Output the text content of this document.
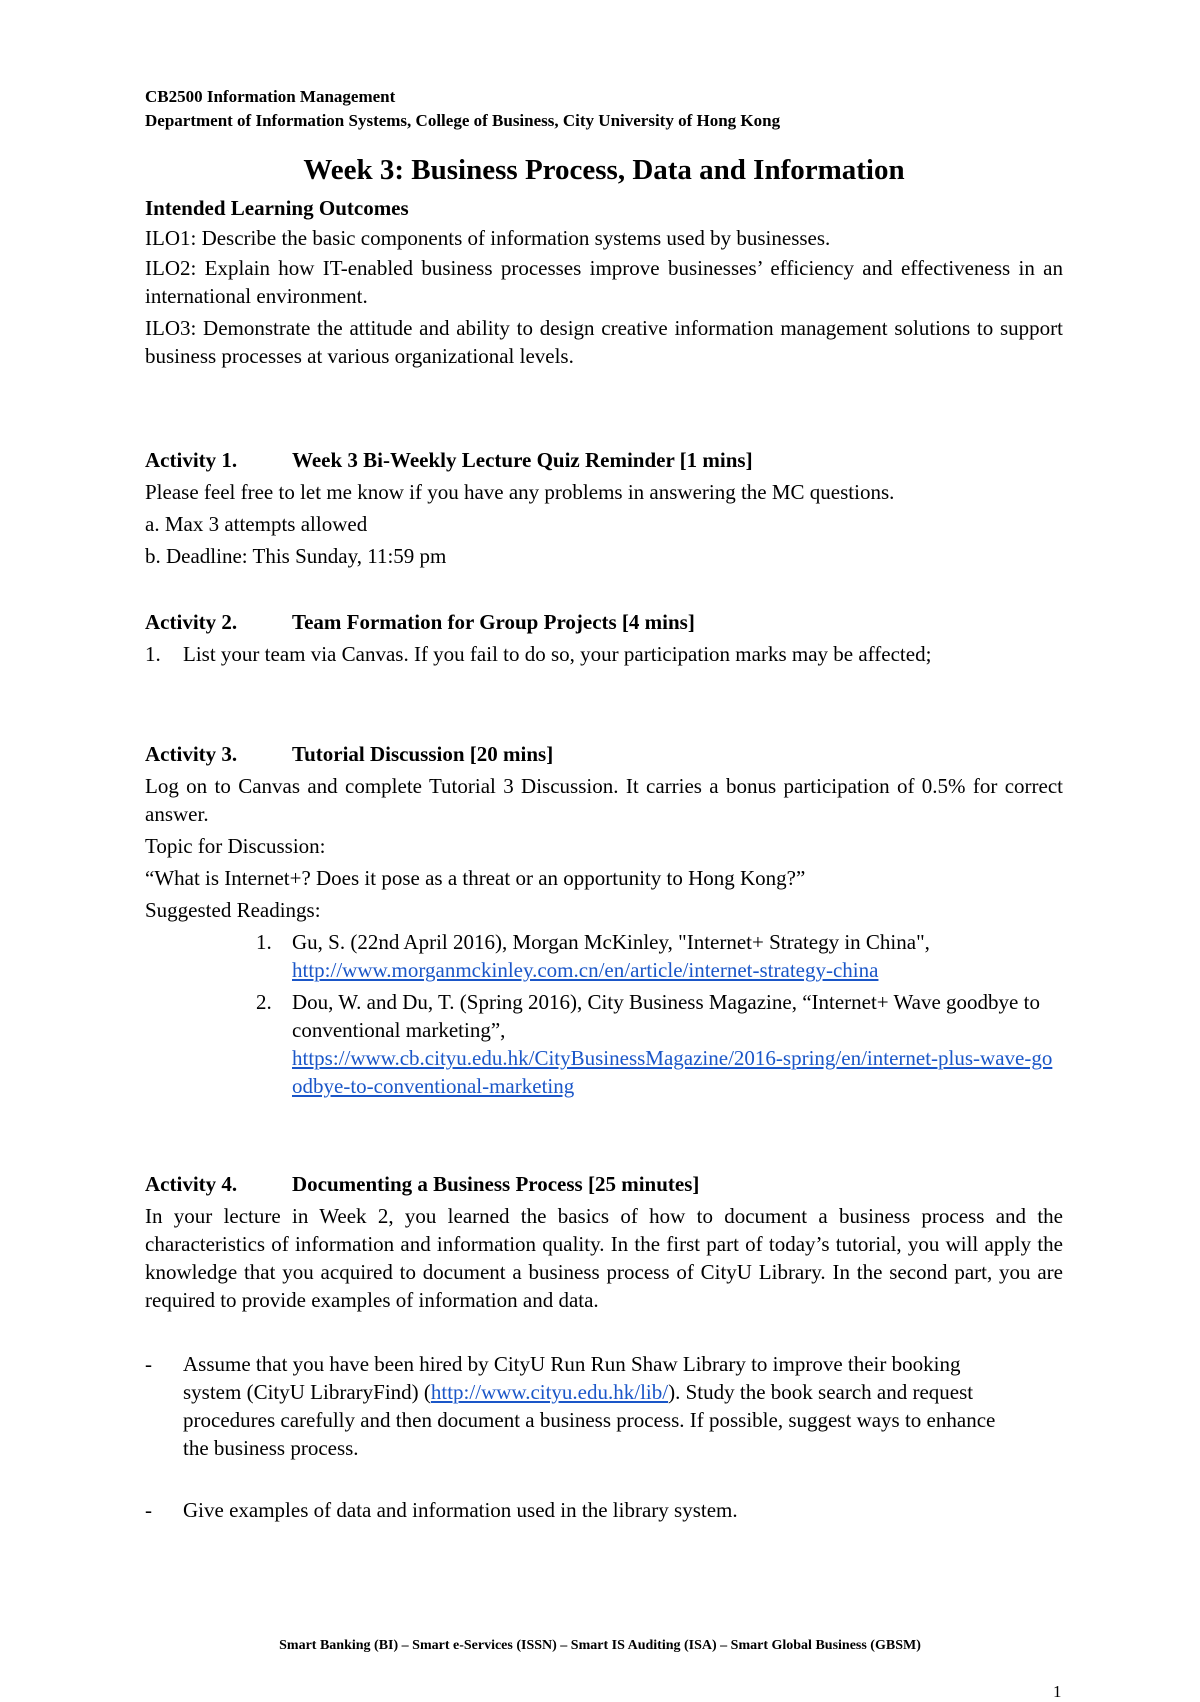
CB2500 Information Management
Department of Information Systems, College of Business, City University of Hong Kong
Week 3: Business Process, Data and Information
Intended Learning Outcomes
ILO1: Describe the basic components of information systems used by businesses.
ILO2: Explain how IT-enabled business processes improve businesses’ efficiency and effectiveness in an international environment.
ILO3: Demonstrate the attitude and ability to design creative information management solutions to support business processes at various organizational levels.
Activity 1.	Week 3 Bi-Weekly Lecture Quiz Reminder [1 mins]
Please feel free to let me know if you have any problems in answering the MC questions.
a. Max 3 attempts allowed
b. Deadline: This Sunday, 11:59 pm
Activity 2.	Team Formation for Group Projects [4 mins]
1. List your team via Canvas. If you fail to do so, your participation marks may be affected;
Activity 3.	Tutorial Discussion [20 mins]
Log on to Canvas and complete Tutorial 3 Discussion. It carries a bonus participation of 0.5% for correct answer.
Topic for Discussion:
“What is Internet+? Does it pose as a threat or an opportunity to Hong Kong?”
Suggested Readings:
1. Gu, S. (22nd April 2016), Morgan McKinley, "Internet+ Strategy in China",
http://www.morganmckinley.com.cn/en/article/internet-strategy-china
2. Dou, W. and Du, T. (Spring 2016), City Business Magazine, “Internet+ Wave goodbye to conventional marketing”,
https://www.cb.cityu.edu.hk/CityBusinessMagazine/2016-spring/en/internet-plus-wave-goodbye-to-conventional-marketing
Activity 4.	Documenting a Business Process [25 minutes]
In your lecture in Week 2, you learned the basics of how to document a business process and the characteristics of information and information quality. In the first part of today’s tutorial, you will apply the knowledge that you acquired to document a business process of CityU Library. In the second part, you are required to provide examples of information and data.
- Assume that you have been hired by CityU Run Run Shaw Library to improve their booking system (CityU LibraryFind) (http://www.cityu.edu.hk/lib/). Study the book search and request procedures carefully and then document a business process. If possible, suggest ways to enhance the business process.
- Give examples of data and information used in the library system.
Smart Banking (BI) – Smart e-Services (ISSN) – Smart IS Auditing (ISA) – Smart Global Business (GBSM)
1
